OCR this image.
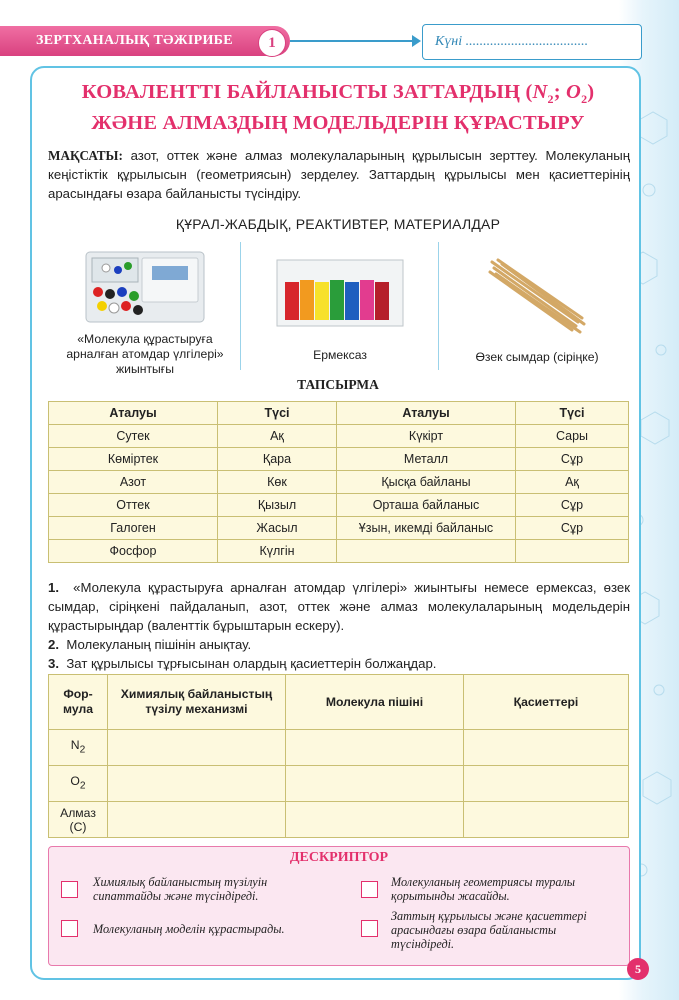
ЗЕРТХАНАЛЫҚ ТӘЖІРИБЕ	1	Күні ...................................
КОВАЛЕНТТІ БАЙЛАНЫСТЫ ЗАТТАРДЫҢ ($N_2$; $O_2$)
ЖӘНЕ АЛМАЗДЫҢ МОДЕЛЬДЕРІН ҚҰРАСТЫРУ
МАҚСАТЫ: азот, оттек және алмаз молекулаларының құрылысын зерттеу. Молекуланың кеңістіктік құрылысын (геометриясын) зерделеу. Заттардың құрылысы мен қасиеттерінің арасындағы өзара байланысты түсіндіру.
ҚҰРАЛ-ЖАБДЫҚ, РЕАКТИВТЕР, МАТЕРИАЛДАР
«Молекула құрастыруға арналған атомдар үлгілері» жиынтығы
Ермексаз	Өзек сымдар (сіріңке)
ТАПСЫРМА
Аталуы	Түсі	Аталуы	Түсі
Сутек	Ақ	Күкірт	Сары
Көміртек	Қара	Металл	Сұр
Азот	Көк	Қысқа байланы	Ақ
Оттек	Қызыл	Орташа байланыс	Сұр
Галоген	Жасыл	Ұзын, икемді байланыс	Сұр
Фосфор	Күлгін		

1. «Молекула құрастыруға арналған атомдар үлгілері» жиынтығы немесе ермексаз, өзек сымдар, сіріңкені пайдаланып, азот, оттек және алмаз молекулаларының модельдерін құрастырыңдар (валенттік бұрыштарын ескеру).

2. Молекуланың пішінін анықтау.

3. Зат құрылысы тұрғысынан олардың қасиеттерін болжаңдар.

Фор-
мула	Химиялық байланыстың түзілу механизмі	Молекула пішіні	Қасиеттері
$N_2$			
$O_2$			
Алмаз (С)			
ДЕСКРИПТОР
Химиялық байланыстың түзілуін сипаттайды және түсіндіреді.
Молекуланың геометриясы туралы қорытынды жасайды.
Молекуланың моделін құрастырады.
Заттың құрылысы және қасиеттері арасындағы өзара байланысты түсіндіреді.
5
